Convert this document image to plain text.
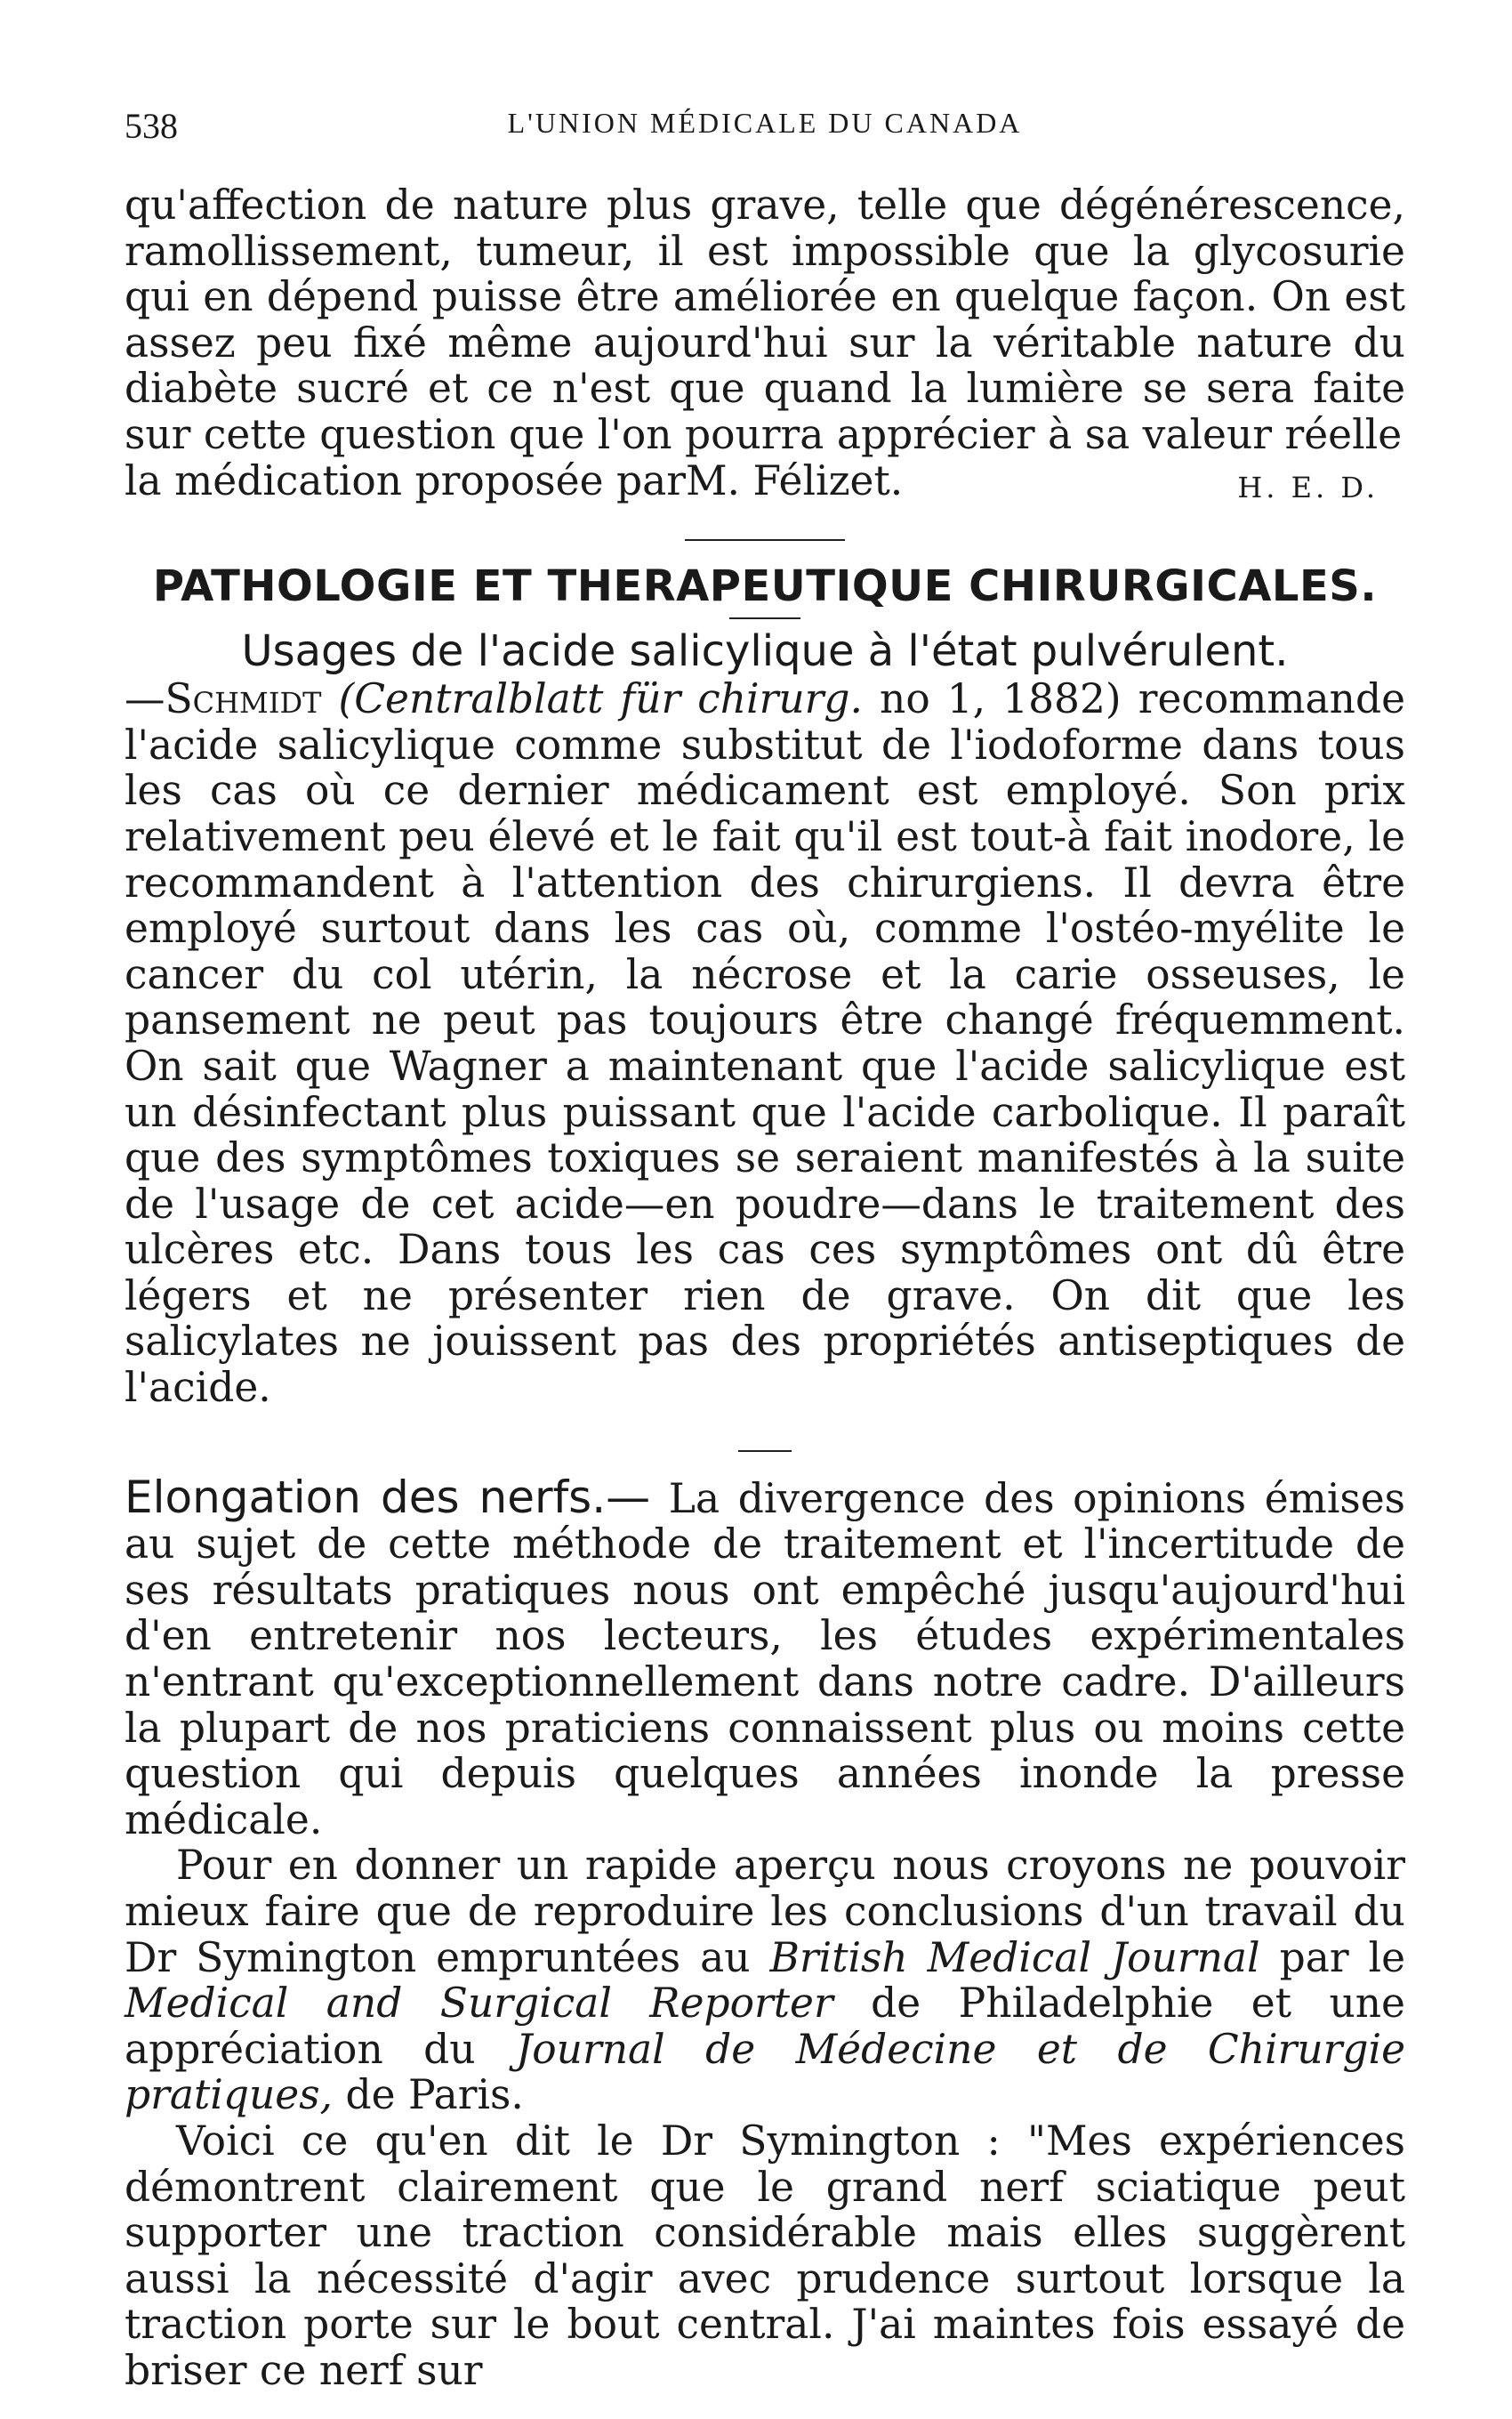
538	L'UNION MÉDICALE DU CANADA

qu'affection de nature plus grave, telle que dégénérescence, ramollissement, tumeur, il est impossible que la glycosurie qui en dépend puisse être améliorée en quelque façon. On est assez peu fixé même aujourd'hui sur la véritable nature du diabète sucré et ce n'est que quand la lumière se sera faite sur cette question que l'on pourra apprécier à sa valeur réelle

la médication proposée parM. Félizet.	H. E. D.
PATHOLOGIE ET THERAPEUTIQUE CHIRURGICALES.
Usages de l'acide salicylique à l'état pulvérulent.

—Schmidt (Centralblatt für chirurg. no 1, 1882) recommande l'acide salicylique comme substitut de l'iodoforme dans tous les cas où ce dernier médicament est employé. Son prix relativement peu élevé et le fait qu'il est tout-à fait inodore, le recommandent à l'attention des chirurgiens. Il devra être employé surtout dans les cas où, comme l'ostéo-myélite le cancer du col utérin, la nécrose et la carie osseuses, le pansement ne peut pas toujours être changé fréquemment. On sait que Wagner a maintenant que l'acide salicylique est un désinfectant plus puissant que l'acide carbolique. Il paraît que des symptômes toxiques se seraient manifestés à la suite de l'usage de cet acide—en poudre—dans le traitement des ulcères etc. Dans tous les cas ces symptômes ont dû être légers et ne présenter rien de grave. On dit que les salicylates ne jouissent pas des propriétés antiseptiques de l'acide.

Elongation des nerfs.— La divergence des opinions émises au sujet de cette méthode de traitement et l'incertitude de ses résultats pratiques nous ont empêché jusqu'aujourd'hui d'en entretenir nos lecteurs, les études expérimentales n'entrant qu'exceptionnellement dans notre cadre. D'ailleurs la plupart de nos praticiens connaissent plus ou moins cette question qui depuis quelques années inonde la presse médicale.

Pour en donner un rapide aperçu nous croyons ne pouvoir mieux faire que de reproduire les conclusions d'un travail du Dr Symington empruntées au British Medical Journal par le Medical and Surgical Reporter de Philadelphie et une appréciation du Journal de Médecine et de Chirurgie pratiques, de Paris.

Voici ce qu'en dit le Dr Symington : "Mes expériences démontrent clairement que le grand nerf sciatique peut supporter une traction considérable mais elles suggèrent aussi la nécessité d'agir avec prudence surtout lorsque la traction porte sur le bout central. J'ai maintes fois essayé de briser ce nerf sur
